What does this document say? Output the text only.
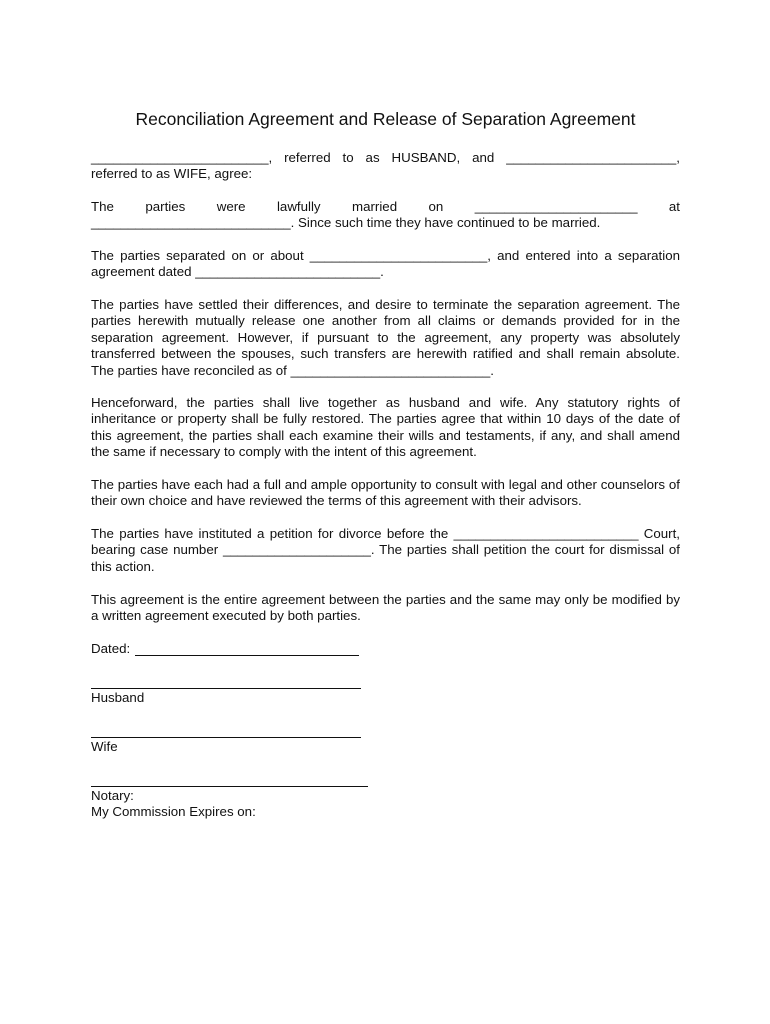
Reconciliation Agreement and Release of Separation Agreement
________________________, referred to as HUSBAND, and _______________________, referred to as WIFE, agree:
The parties were lawfully married on ______________________ at ___________________________. Since such time they have continued to be married.
The parties separated on or about ________________________, and entered into a separation agreement dated _________________________.
The parties have settled their differences, and desire to terminate the separation agreement. The parties herewith mutually release one another from all claims or demands provided for in the separation agreement. However, if pursuant to the agreement, any property was absolutely transferred between the spouses, such transfers are herewith ratified and shall remain absolute. The parties have reconciled as of ___________________________.
Henceforward, the parties shall live together as husband and wife. Any statutory rights of inheritance or property shall be fully restored. The parties agree that within 10 days of the date of this agreement, the parties shall each examine their wills and testaments, if any, and shall amend the same if necessary to comply with the intent of this agreement.
The parties have each had a full and ample opportunity to consult with legal and other counselors of their own choice and have reviewed the terms of this agreement with their advisors.
The parties have instituted a petition for divorce before the _________________________ Court, bearing case number ____________________. The parties shall petition the court for dismissal of this action.
This agreement is the entire agreement between the parties and the same may only be modified by a written agreement executed by both parties.
Dated:
Husband
Wife
Notary:
My Commission Expires on:
